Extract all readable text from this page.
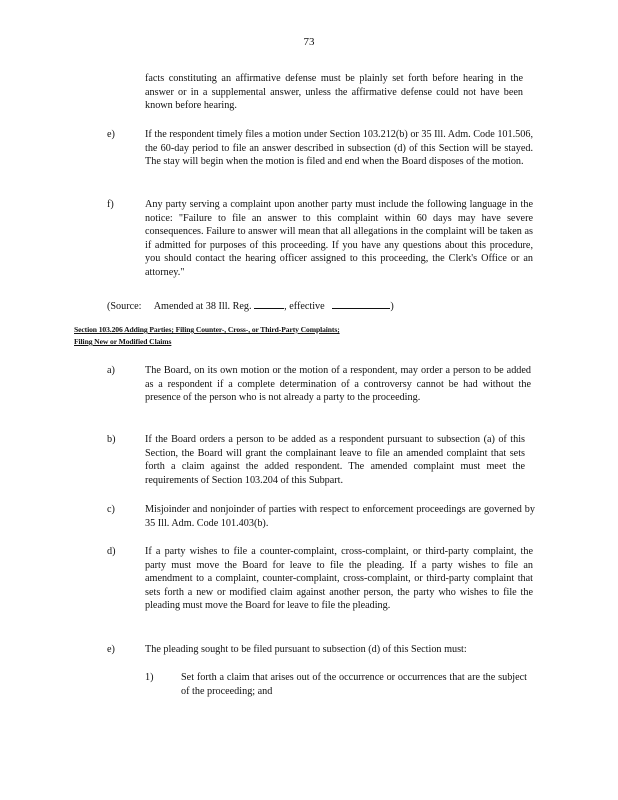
73

facts constituting an affirmative defense must be plainly set forth before hearing in the answer or in a supplemental answer, unless the affirmative defense could not have been known before hearing.

e)	If the respondent timely files a motion under Section 103.212(b) or 35 Ill. Adm. Code 101.506, the 60-day period to file an answer described in subsection (d) of this Section will be stayed. The stay will begin when the motion is filed and end when the Board disposes of the motion.

f)	Any party serving a complaint upon another party must include the following language in the notice: "Failure to file an answer to this complaint within 60 days may have severe consequences. Failure to answer will mean that all allegations in the complaint will be taken as if admitted for purposes of this proceeding. If you have any questions about this procedure, you should contact the hearing officer assigned to this proceeding, the Clerk's Office or an attorney."

(Source: Amended at 38 Ill. Reg.	, effective	)
Section 103.206 Adding Parties; Filing Counter-, Cross-, or Third-Party Complaints;
Filing New or Modified Claims
a)	The Board, on its own motion or the motion of a respondent, may order a person to be added as a respondent if a complete determination of a controversy cannot be had without the presence of the person who is not already a party to the proceeding.

b)	If the Board orders a person to be added as a respondent pursuant to subsection (a) of this Section, the Board will grant the complainant leave to file an amended complaint that sets forth a claim against the added respondent. The amended complaint must meet the requirements of Section 103.204 of this Subpart.

c)	Misjoinder and nonjoinder of parties with respect to enforcement proceedings are governed by 35 Ill. Adm. Code 101.403(b).

d)	If a party wishes to file a counter-complaint, cross-complaint, or third-party complaint, the party must move the Board for leave to file the pleading. If a party wishes to file an amendment to a complaint, counter-complaint, cross-complaint, or third-party complaint that sets forth a new or modified claim against another person, the party who wishes to file the pleading must move the Board for leave to file the pleading.

e)	The pleading sought to be filed pursuant to subsection (d) of this Section must:

1)	Set forth a claim that arises out of the occurrence or occurrences that are the subject of the proceeding; and
